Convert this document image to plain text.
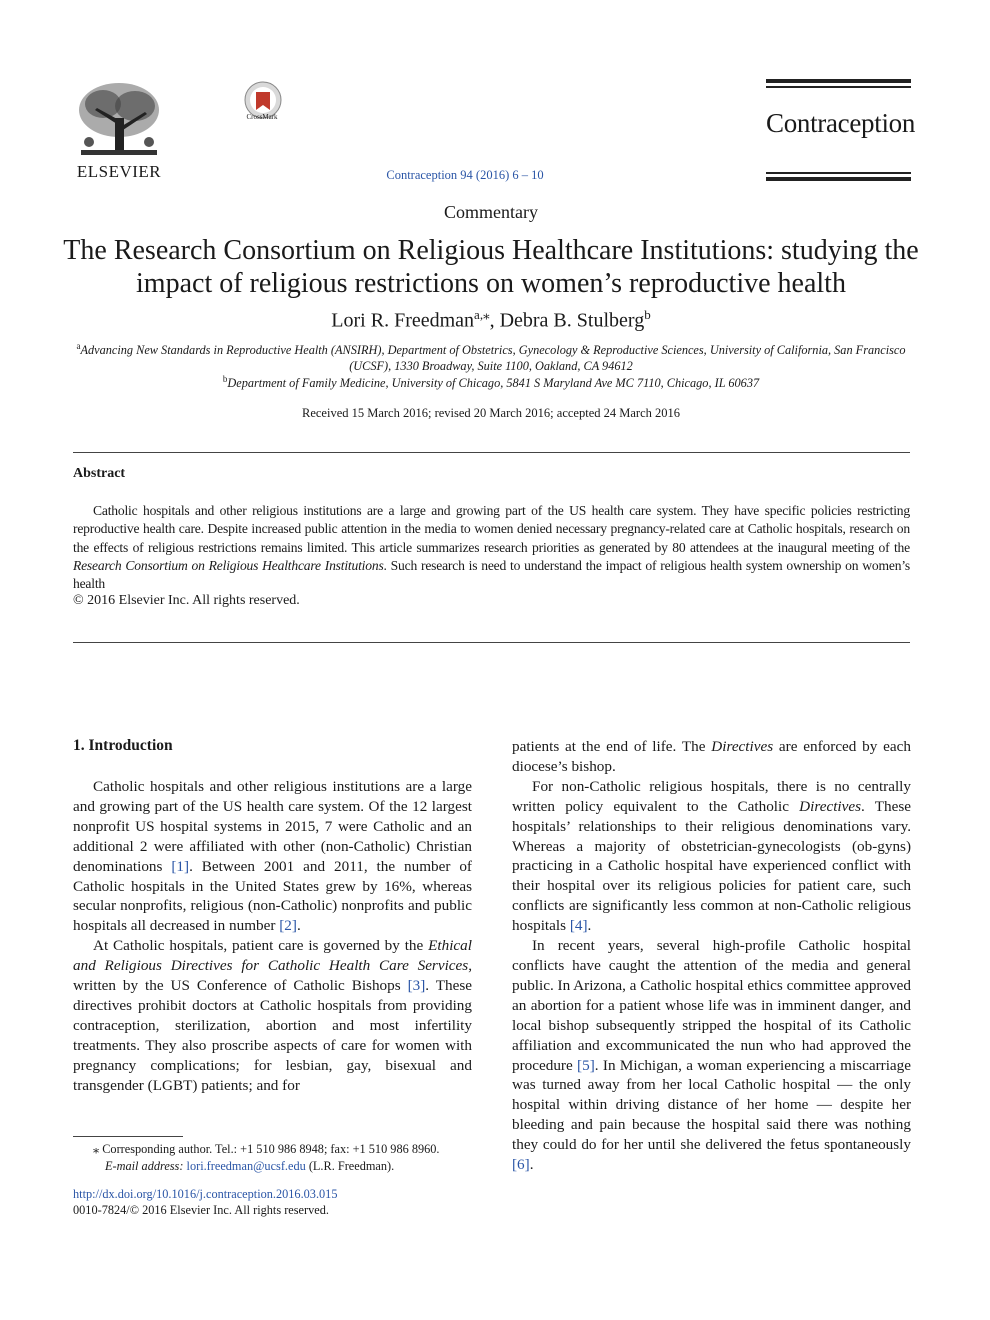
ELSEVIER
CrossMark
Contraception 94 (2016) 6 – 10
Contraception
Commentary
The Research Consortium on Religious Healthcare Institutions: studying the impact of religious restrictions on women’s reproductive health
Lori R. Freedman$^{a,⁎}$, Debra B. Stulberg$^b$
$^a$Advancing New Standards in Reproductive Health (ANSIRH), Department of Obstetrics, Gynecology & Reproductive Sciences, University of California, San Francisco (UCSF), 1330 Broadway, Suite 1100, Oakland, CA 94612
$^b$Department of Family Medicine, University of Chicago, 5841 S Maryland Ave MC 7110, Chicago, IL 60637
Received 15 March 2016; revised 20 March 2016; accepted 24 March 2016
Abstract

Catholic hospitals and other religious institutions are a large and growing part of the US health care system. They have specific policies restricting reproductive health care. Despite increased public attention in the media to women denied necessary pregnancy-related care at Catholic hospitals, research on the effects of religious restrictions remains limited. This article summarizes research priorities as generated by 80 attendees at the inaugural meeting of the Research Consortium on Religious Healthcare Institutions. Such research is need to understand the impact of religious health system ownership on women’s health

© 2016 Elsevier Inc. All rights reserved.
1. Introduction

Catholic hospitals and other religious institutions are a large and growing part of the US health care system. Of the 12 largest nonprofit US hospital systems in 2015, 7 were Catholic and an additional 2 were affiliated with other (non-Catholic) Christian denominations [1]. Between 2001 and 2011, the number of Catholic hospitals in the United States grew by 16%, whereas secular nonprofits, religious (non-Catholic) nonprofits and public hospitals all decreased in number [2].

At Catholic hospitals, patient care is governed by the Ethical and Religious Directives for Catholic Health Care Services, written by the US Conference of Catholic Bishops [3]. These directives prohibit doctors at Catholic hospitals from providing contraception, sterilization, abortion and most infertility treatments. They also proscribe aspects of care for women with pregnancy complications; for lesbian, gay, bisexual and transgender (LGBT) patients; and for

patients at the end of life. The Directives are enforced by each diocese’s bishop.

For non-Catholic religious hospitals, there is no centrally written policy equivalent to the Catholic Directives. These hospitals’ relationships to their religious denominations vary. Whereas a majority of obstetrician-gynecologists (ob-gyns) practicing in a Catholic hospital have experienced conflict with their hospital over its religious policies for patient care, such conflicts are significantly less common at non-Catholic religious hospitals [4].

In recent years, several high-profile Catholic hospital conflicts have caught the attention of the media and general public. In Arizona, a Catholic hospital ethics committee approved an abortion for a patient whose life was in imminent danger, and local bishop subsequently stripped the hospital of its Catholic affiliation and excommunicated the nun who had approved the procedure [5]. In Michigan, a woman experiencing a miscarriage was turned away from her local Catholic hospital — the only hospital within driving distance of her home — despite her bleeding and pain because the hospital said there was nothing they could do for her until she delivered the fetus spontaneously [6].

⁎ Corresponding author. Tel.: +1 510 986 8948; fax: +1 510 986 8960.
E-mail address: lori.freedman@ucsf.edu (L.R. Freedman).
http://dx.doi.org/10.1016/j.contraception.2016.03.015
0010-7824/© 2016 Elsevier Inc. All rights reserved.
